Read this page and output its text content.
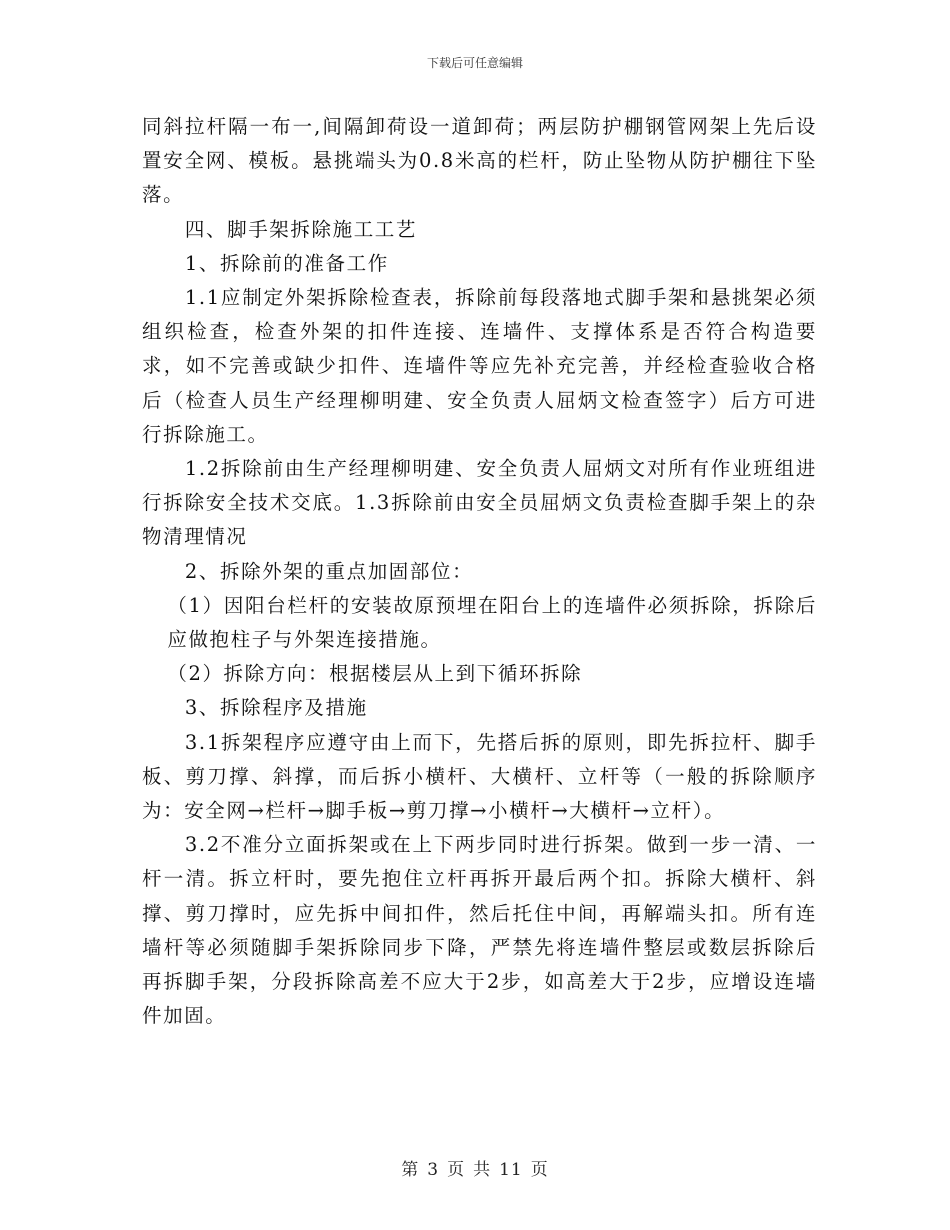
下载后可任意编辑

同斜拉杆隔一布一,间隔卸荷设一道卸荷；两层防护棚钢管网架上先后设置安全网、模板。悬挑端头为0.8米高的栏杆，防止坠物从防护棚往下坠落。

四、脚手架拆除施工工艺

1、拆除前的准备工作

1.1应制定外架拆除检查表，拆除前每段落地式脚手架和悬挑架必须组织检查，检查外架的扣件连接、连墙件、支撑体系是否符合构造要求，如不完善或缺少扣件、连墙件等应先补充完善，并经检查验收合格后（检查人员生产经理柳明建、安全负责人屈炳文检查签字）后方可进行拆除施工。

1.2拆除前由生产经理柳明建、安全负责人屈炳文对所有作业班组进行拆除安全技术交底。1.3拆除前由安全员屈炳文负责检查脚手架上的杂物清理情况

2、拆除外架的重点加固部位：

（1）因阳台栏杆的安装故原预埋在阳台上的连墙件必须拆除，拆除后应做抱柱子与外架连接措施。

（2）拆除方向：根据楼层从上到下循环拆除

3、拆除程序及措施

3.1拆架程序应遵守由上而下，先搭后拆的原则，即先拆拉杆、脚手板、剪刀撑、斜撑，而后拆小横杆、大横杆、立杆等（一般的拆除顺序为：安全网→栏杆→脚手板→剪刀撑→小横杆→大横杆→立杆）。

3.2不准分立面拆架或在上下两步同时进行拆架。做到一步一清、一杆一清。拆立杆时，要先抱住立杆再拆开最后两个扣。拆除大横杆、斜撑、剪刀撑时，应先拆中间扣件，然后托住中间，再解端头扣。所有连墙杆等必须随脚手架拆除同步下降，严禁先将连墙件整层或数层拆除后再拆脚手架，分段拆除高差不应大于2步，如高差大于2步，应增设连墙件加固。

第 3 页 共 11 页
